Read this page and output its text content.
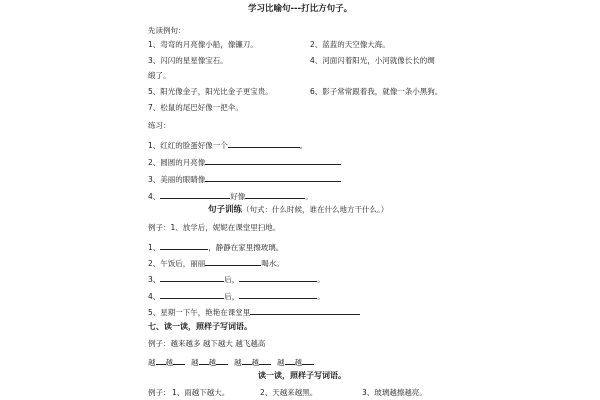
学习比喻句---打比方句子。
先读例句：
1、弯弯的月亮像小船，像镰刀。	2、蓝蓝的天空像大海。
3、闪闪的星星像宝石。	4、河面闪着阳光，小河就像长长的绸
缎了。
5、阳光像金子，阳光比金子更宝贵。	6、影子常常跟着我，就像一条小黑狗。
7、松鼠的尾巴好像一把伞。
练习：
1、红红的脸蛋好像一个	。
2、圆圆的月亮像
3、美丽的眼睛像
4、	好像	。
句子训练（句式：什么时候，谁在什么地方干什么。）
例子：1、放学后，妮妮在课堂里扫地。
1、	，静静在家里擦玻璃。
2、午饭后，丽丽	喝水。
3、	后，	。
4、	后，	。
5、星期一下午，艳艳在课堂里
七、读一读，照样子写词语。
例子：越来越多 越下越大 越飞越高
越 越 越 越 越 越 越 越
读一读，照样子写词语。
例子： 1、雨越下越大。	2、天越来越黑。	3、玻璃越擦越亮。
